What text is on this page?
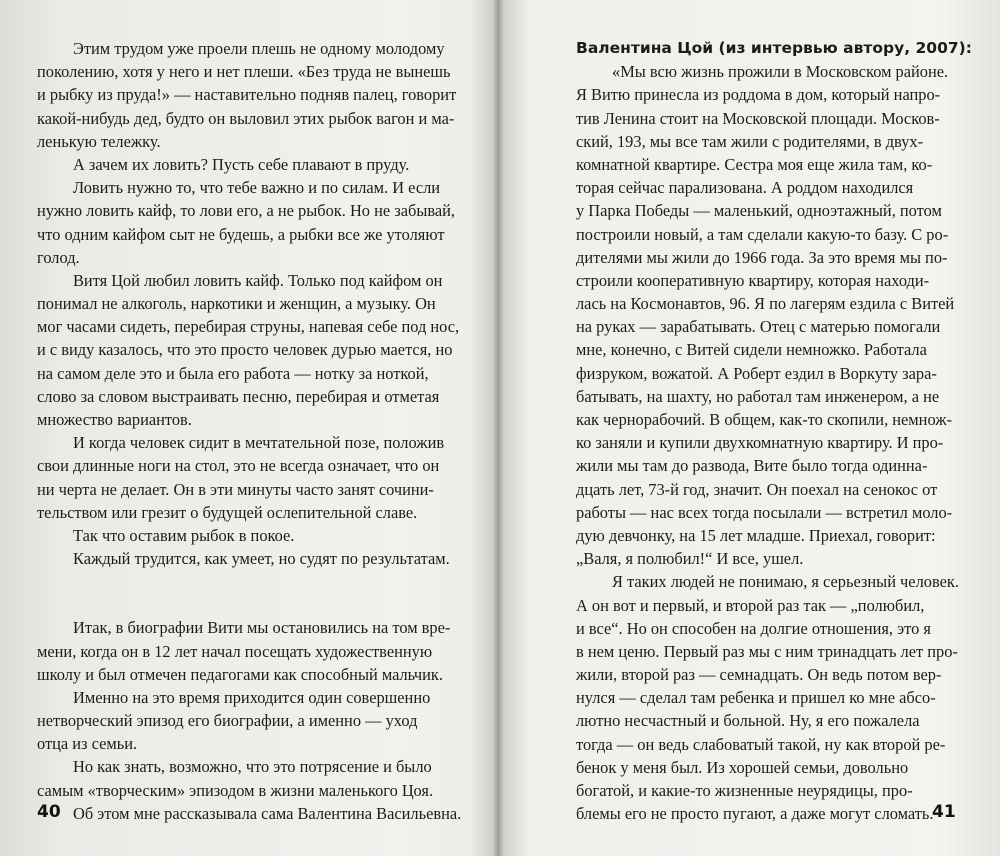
Этим трудом уже проели плешь не одному молодому
поколению, хотя у него и нет плеши. «Без труда не вынешь
и рыбку из пруда!» — наставительно подняв палец, говорит
какой-нибудь дед, будто он выловил этих рыбок вагон и ма-
ленькую тележку.
А зачем их ловить? Пусть себе плавают в пруду.
Ловить нужно то, что тебе важно и по силам. И если
нужно ловить кайф, то лови его, а не рыбок. Но не забывай,
что одним кайфом сыт не будешь, а рыбки все же утоляют
голод.
Витя Цой любил ловить кайф. Только под кайфом он
понимал не алкоголь, наркотики и женщин, а музыку. Он
мог часами сидеть, перебирая струны, напевая себе под нос,
и с виду казалось, что это просто человек дурью мается, но
на самом деле это и была его работа — нотку за ноткой,
слово за словом выстраивать песню, перебирая и отметая
множество вариантов.
И когда человек сидит в мечтательной позе, положив
свои длинные ноги на стол, это не всегда означает, что он
ни черта не делает. Он в эти минуты часто занят сочини-
тельством или грезит о будущей ослепительной славе.
Так что оставим рыбок в покое.
Каждый трудится, как умеет, но судят по результатам.
Итак, в биографии Вити мы остановились на том вре-
мени, когда он в 12 лет начал посещать художественную
школу и был отмечен педагогами как способный мальчик.
Именно на это время приходится один совершенно
нетворческий эпизод его биографии, а именно — уход
отца из семьи.
Но как знать, возможно, что это потрясение и было
самым «творческим» эпизодом в жизни маленького Цоя.
Об этом мне рассказывала сама Валентина Васильевна.
40
Валентина Цой (из интервью автору, 2007):
«Мы всю жизнь прожили в Московском районе.
Я Витю принесла из роддома в дом, который напро-
тив Ленина стоит на Московской площади. Москов-
ский, 193, мы все там жили с родителями, в двух-
комнатной квартире. Сестра моя еще жила там, ко-
торая сейчас парализована. А роддом находился
у Парка Победы — маленький, одноэтажный, потом
построили новый, а там сделали какую-то базу. С ро-
дителями мы жили до 1966 года. За это время мы по-
строили кооперативную квартиру, которая находи-
лась на Космонавтов, 96. Я по лагерям ездила с Витей
на руках — зарабатывать. Отец с матерью помогали
мне, конечно, с Витей сидели немножко. Работала
физруком, вожатой. А Роберт ездил в Воркуту зара-
батывать, на шахту, но работал там инженером, а не
как чернорабочий. В общем, как-то скопили, немнож-
ко заняли и купили двухкомнатную квартиру. И про-
жили мы там до развода, Вите было тогда одинна-
дцать лет, 73-й год, значит. Он поехал на сенокос от
работы — нас всех тогда посылали — встретил моло-
дую девчонку, на 15 лет младше. Приехал, говорит:
„Валя, я полюбил!“ И все, ушел.
Я таких людей не понимаю, я серьезный человек.
А он вот и первый, и второй раз так — „полюбил,
и все“. Но он способен на долгие отношения, это я
в нем ценю. Первый раз мы с ним тринадцать лет про-
жили, второй раз — семнадцать. Он ведь потом вер-
нулся — сделал там ребенка и пришел ко мне абсо-
лютно несчастный и больной. Ну, я его пожалела
тогда — он ведь слабоватый такой, ну как второй ре-
бенок у меня был. Из хорошей семьи, довольно
богатой, и какие-то жизненные неурядицы, про-
блемы его не просто пугают, а даже могут сломать.
41
